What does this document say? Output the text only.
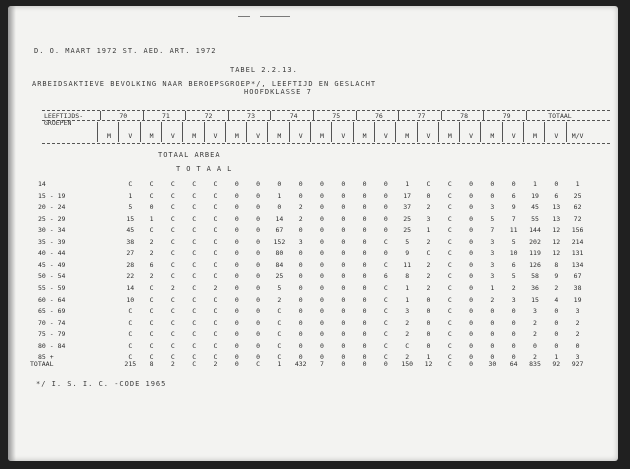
D. O. MAART 1972 ST. AED. ART. 1972
TABEL 2.2.13.
ARBEIDSAKTIEVE BEVOLKING NAAR BEROEPSGROEP*/, LEEFTIJD EN GESLACHT
HOOFDKLASSE 7
LEEFTIJDS-
GROEPEN
TOTAAL ARBEA
TOTAAL
*/ I. S. I. C. -CODE 1965
70	71	72	73	74	75	76	77	78	79	TOTAAL
M	V	M	V	M	V	M	V	M	V	M	V	M	V	M	V	M	V	M	V	M	V	M/V
14	C	C	C	C	C	0	0	0	0	0	0	0	0	1	C	C	0	0	0	1	0	1
15 - 19	1	C	C	C	C	0	0	1	0	0	0	0	0	17	0	C	0	0	6	19	6	25
20 - 24	5	0	C	C	C	0	0	0	2	0	0	0	0	37	2	C	0	3	9	45	13	62
25 - 29	15	1	C	C	C	0	0	14	2	0	0	0	0	25	3	C	0	5	7	55	13	72
30 - 34	45	C	C	C	C	0	0	67	0	0	0	0	0	25	1	C	0	7	11	144	12	156
35 - 39	38	2	C	C	C	0	0	152	3	0	0	0	C	5	2	C	0	3	5	202	12	214
40 - 44	27	2	C	C	C	0	0	80	0	0	0	0	0	9	C	C	0	3	10	119	12	131
45 - 49	28	6	C	C	C	0	0	84	0	0	0	0	C	11	2	C	0	3	6	126	8	134
50 - 54	22	2	C	C	C	0	0	25	0	0	0	0	6	8	2	C	0	3	5	58	9	67
55 - 59	14	C	2	C	2	0	0	5	0	0	0	0	C	1	2	C	0	1	2	36	2	38
60 - 64	10	C	C	C	C	0	0	2	0	0	0	0	C	1	0	C	0	2	3	15	4	19
65 - 69	C	C	C	C	C	0	0	C	0	0	0	0	C	3	0	C	0	0	0	3	0	3
70 - 74	C	C	C	C	C	0	0	C	0	0	0	0	C	2	0	C	0	0	0	2	0	2
75 - 79	C	C	C	C	C	0	0	C	0	0	0	0	C	2	0	C	0	0	0	2	0	2
80 - 84	C	C	C	C	C	0	0	C	0	0	0	0	C	C	0	C	0	0	0	0	0	0
85 +	C	C	C	C	C	0	0	C	0	0	0	0	C	2	1	C	0	0	0	2	1	3
TOTAAL	215	8	2	C	2	0	C	1	432	7	0	0	0	150	12	C	0	30	64	835	92	927
